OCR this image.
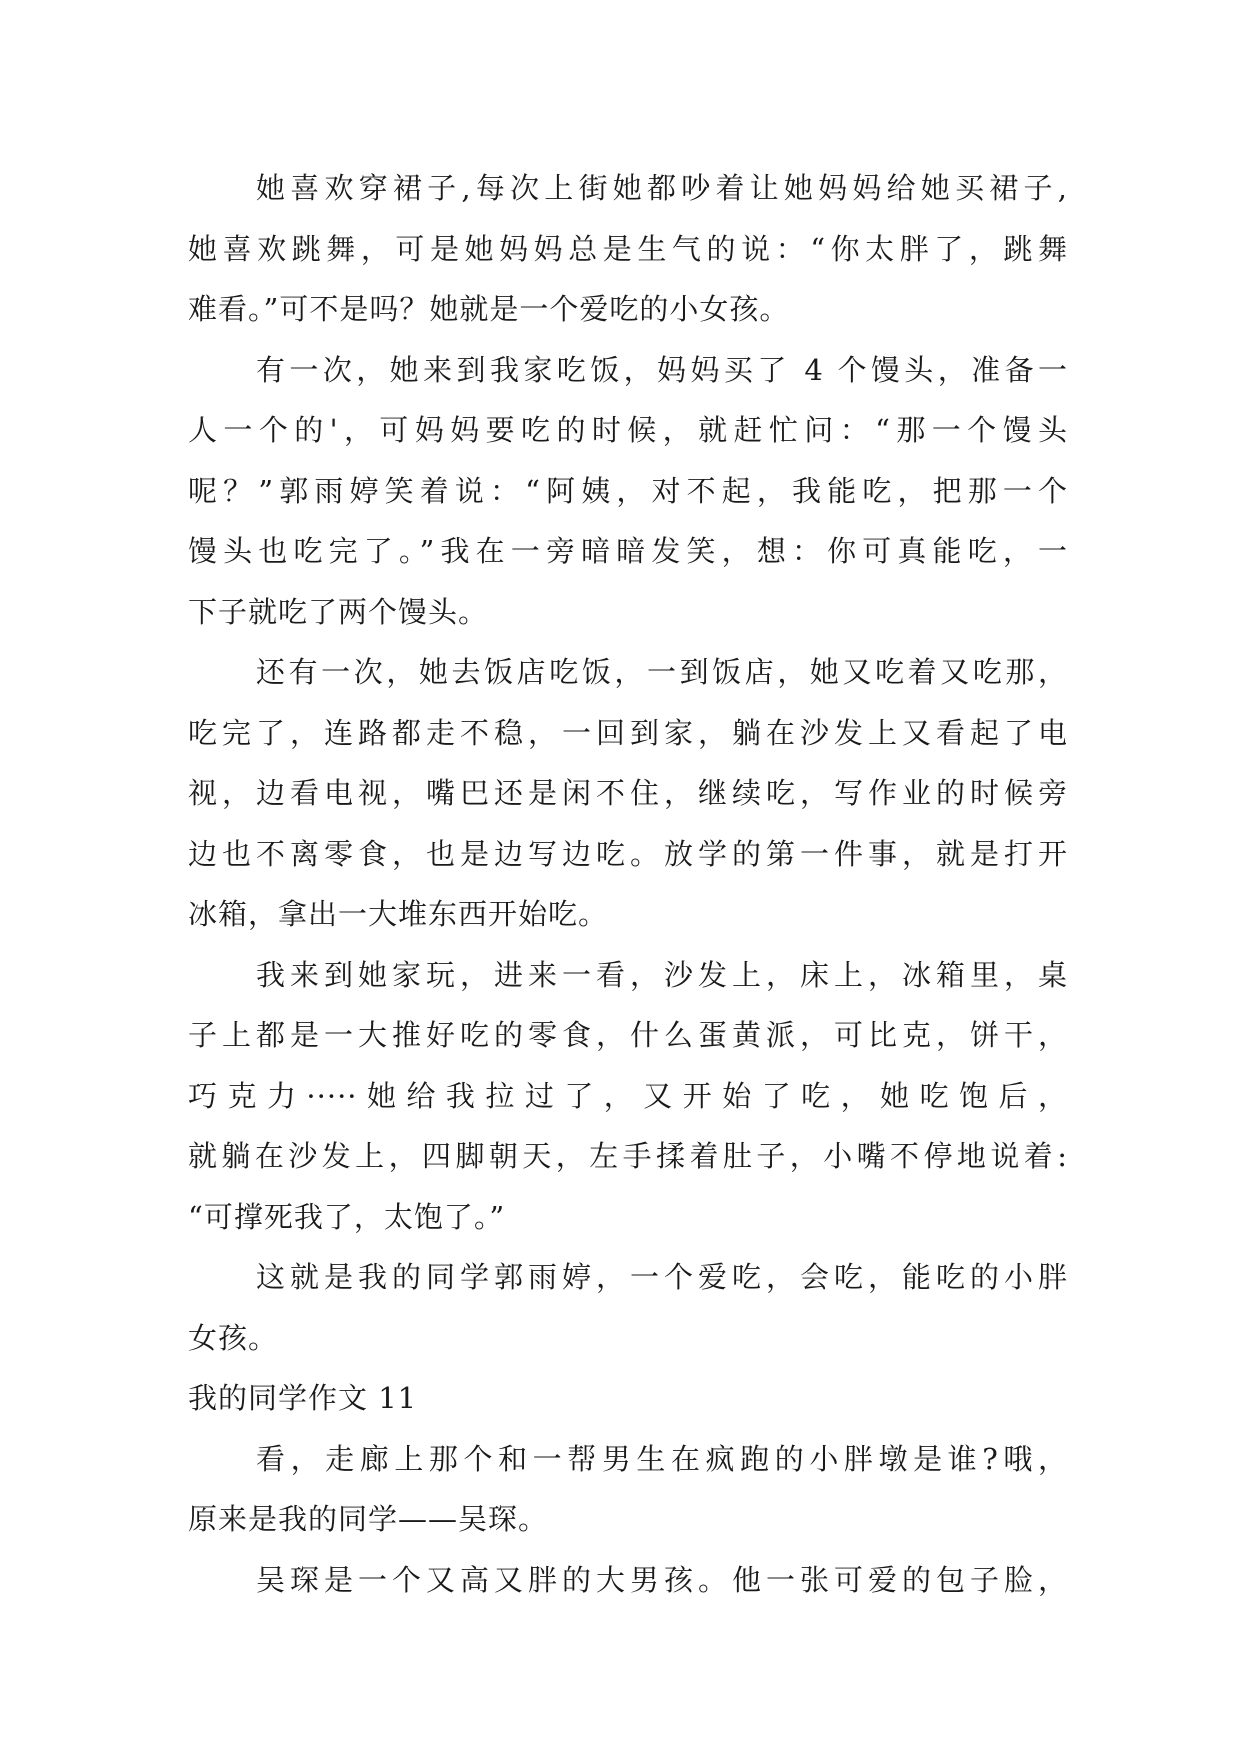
她喜欢穿裙子,每次上街她都吵着让她妈妈给她买裙子,
她喜欢跳舞，可是她妈妈总是生气的说：“你太胖了，跳舞
难看。”可不是吗？她就是一个爱吃的小女孩。
有一次，她来到我家吃饭，妈妈买了 4 个馒头，准备一
人一个的'，可妈妈要吃的时候，就赶忙问：“那一个馒头
呢？”郭雨婷笑着说：“阿姨，对不起，我能吃，把那一个
馒头也吃完了。”我在一旁暗暗发笑，想：你可真能吃，一
下子就吃了两个馒头。
还有一次，她去饭店吃饭，一到饭店，她又吃着又吃那，
吃完了，连路都走不稳，一回到家，躺在沙发上又看起了电
视，边看电视，嘴巴还是闲不住，继续吃，写作业的时候旁
边也不离零食，也是边写边吃。放学的第一件事，就是打开
冰箱，拿出一大堆东西开始吃。
我来到她家玩，进来一看，沙发上，床上，冰箱里，桌
子上都是一大推好吃的零食，什么蛋黄派，可比克，饼干，
巧克力·····她给我拉过了，又开始了吃，她吃饱后，
就躺在沙发上，四脚朝天，左手揉着肚子，小嘴不停地说着:
“可撑死我了，太饱了。”
这就是我的同学郭雨婷，一个爱吃，会吃，能吃的小胖
女孩。
我的同学作文 11
看，走廊上那个和一帮男生在疯跑的小胖墩是谁?哦，
原来是我的同学——吴琛。
吴琛是一个又高又胖的大男孩。他一张可爱的包子脸，
